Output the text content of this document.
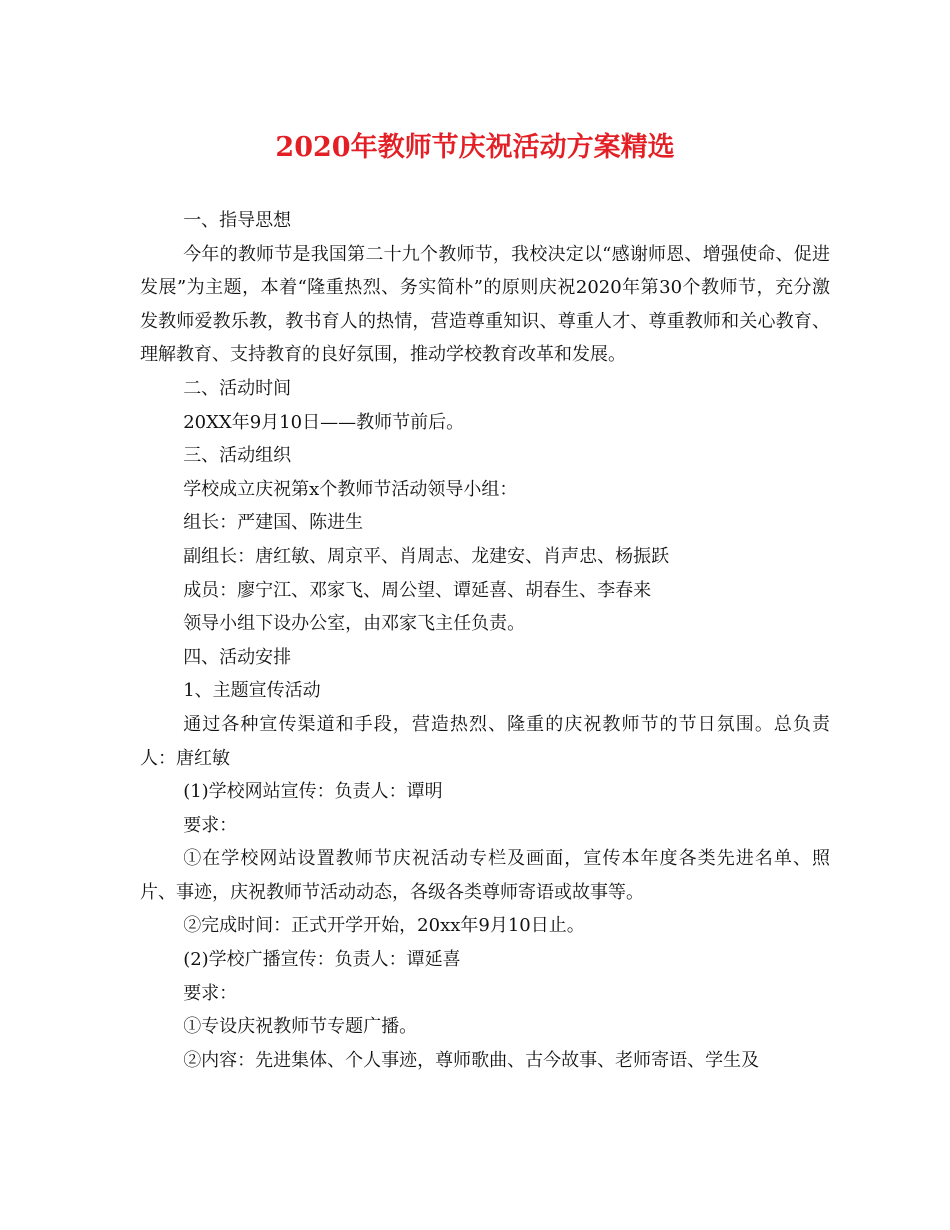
2020年教师节庆祝活动方案精选

一、指导思想

今年的教师节是我国第二十九个教师节，我校决定以“感谢师恩、增强使命、促进发展”为主题，本着“隆重热烈、务实简朴”的原则庆祝2020年第30个教师节，充分激发教师爱教乐教，教书育人的热情，营造尊重知识、尊重人才、尊重教师和关心教育、理解教育、支持教育的良好氛围，推动学校教育改革和发展。

二、活动时间

20XX年9月10日——教师节前后。

三、活动组织

学校成立庆祝第x个教师节活动领导小组：

组长：严建国、陈进生

副组长：唐红敏、周京平、肖周志、龙建安、肖声忠、杨振跃

成员：廖宁江、邓家飞、周公望、谭延喜、胡春生、李春来

领导小组下设办公室，由邓家飞主任负责。

四、活动安排

1、主题宣传活动

通过各种宣传渠道和手段，营造热烈、隆重的庆祝教师节的节日氛围。总负责人：唐红敏

(1)学校网站宣传：负责人：谭明

要求：

①在学校网站设置教师节庆祝活动专栏及画面，宣传本年度各类先进名单、照片、事迹，庆祝教师节活动动态，各级各类尊师寄语或故事等。

②完成时间：正式开学开始，20xx年9月10日止。

(2)学校广播宣传：负责人：谭延喜

要求：

①专设庆祝教师节专题广播。

②内容：先进集体、个人事迹，尊师歌曲、古今故事、老师寄语、学生及
